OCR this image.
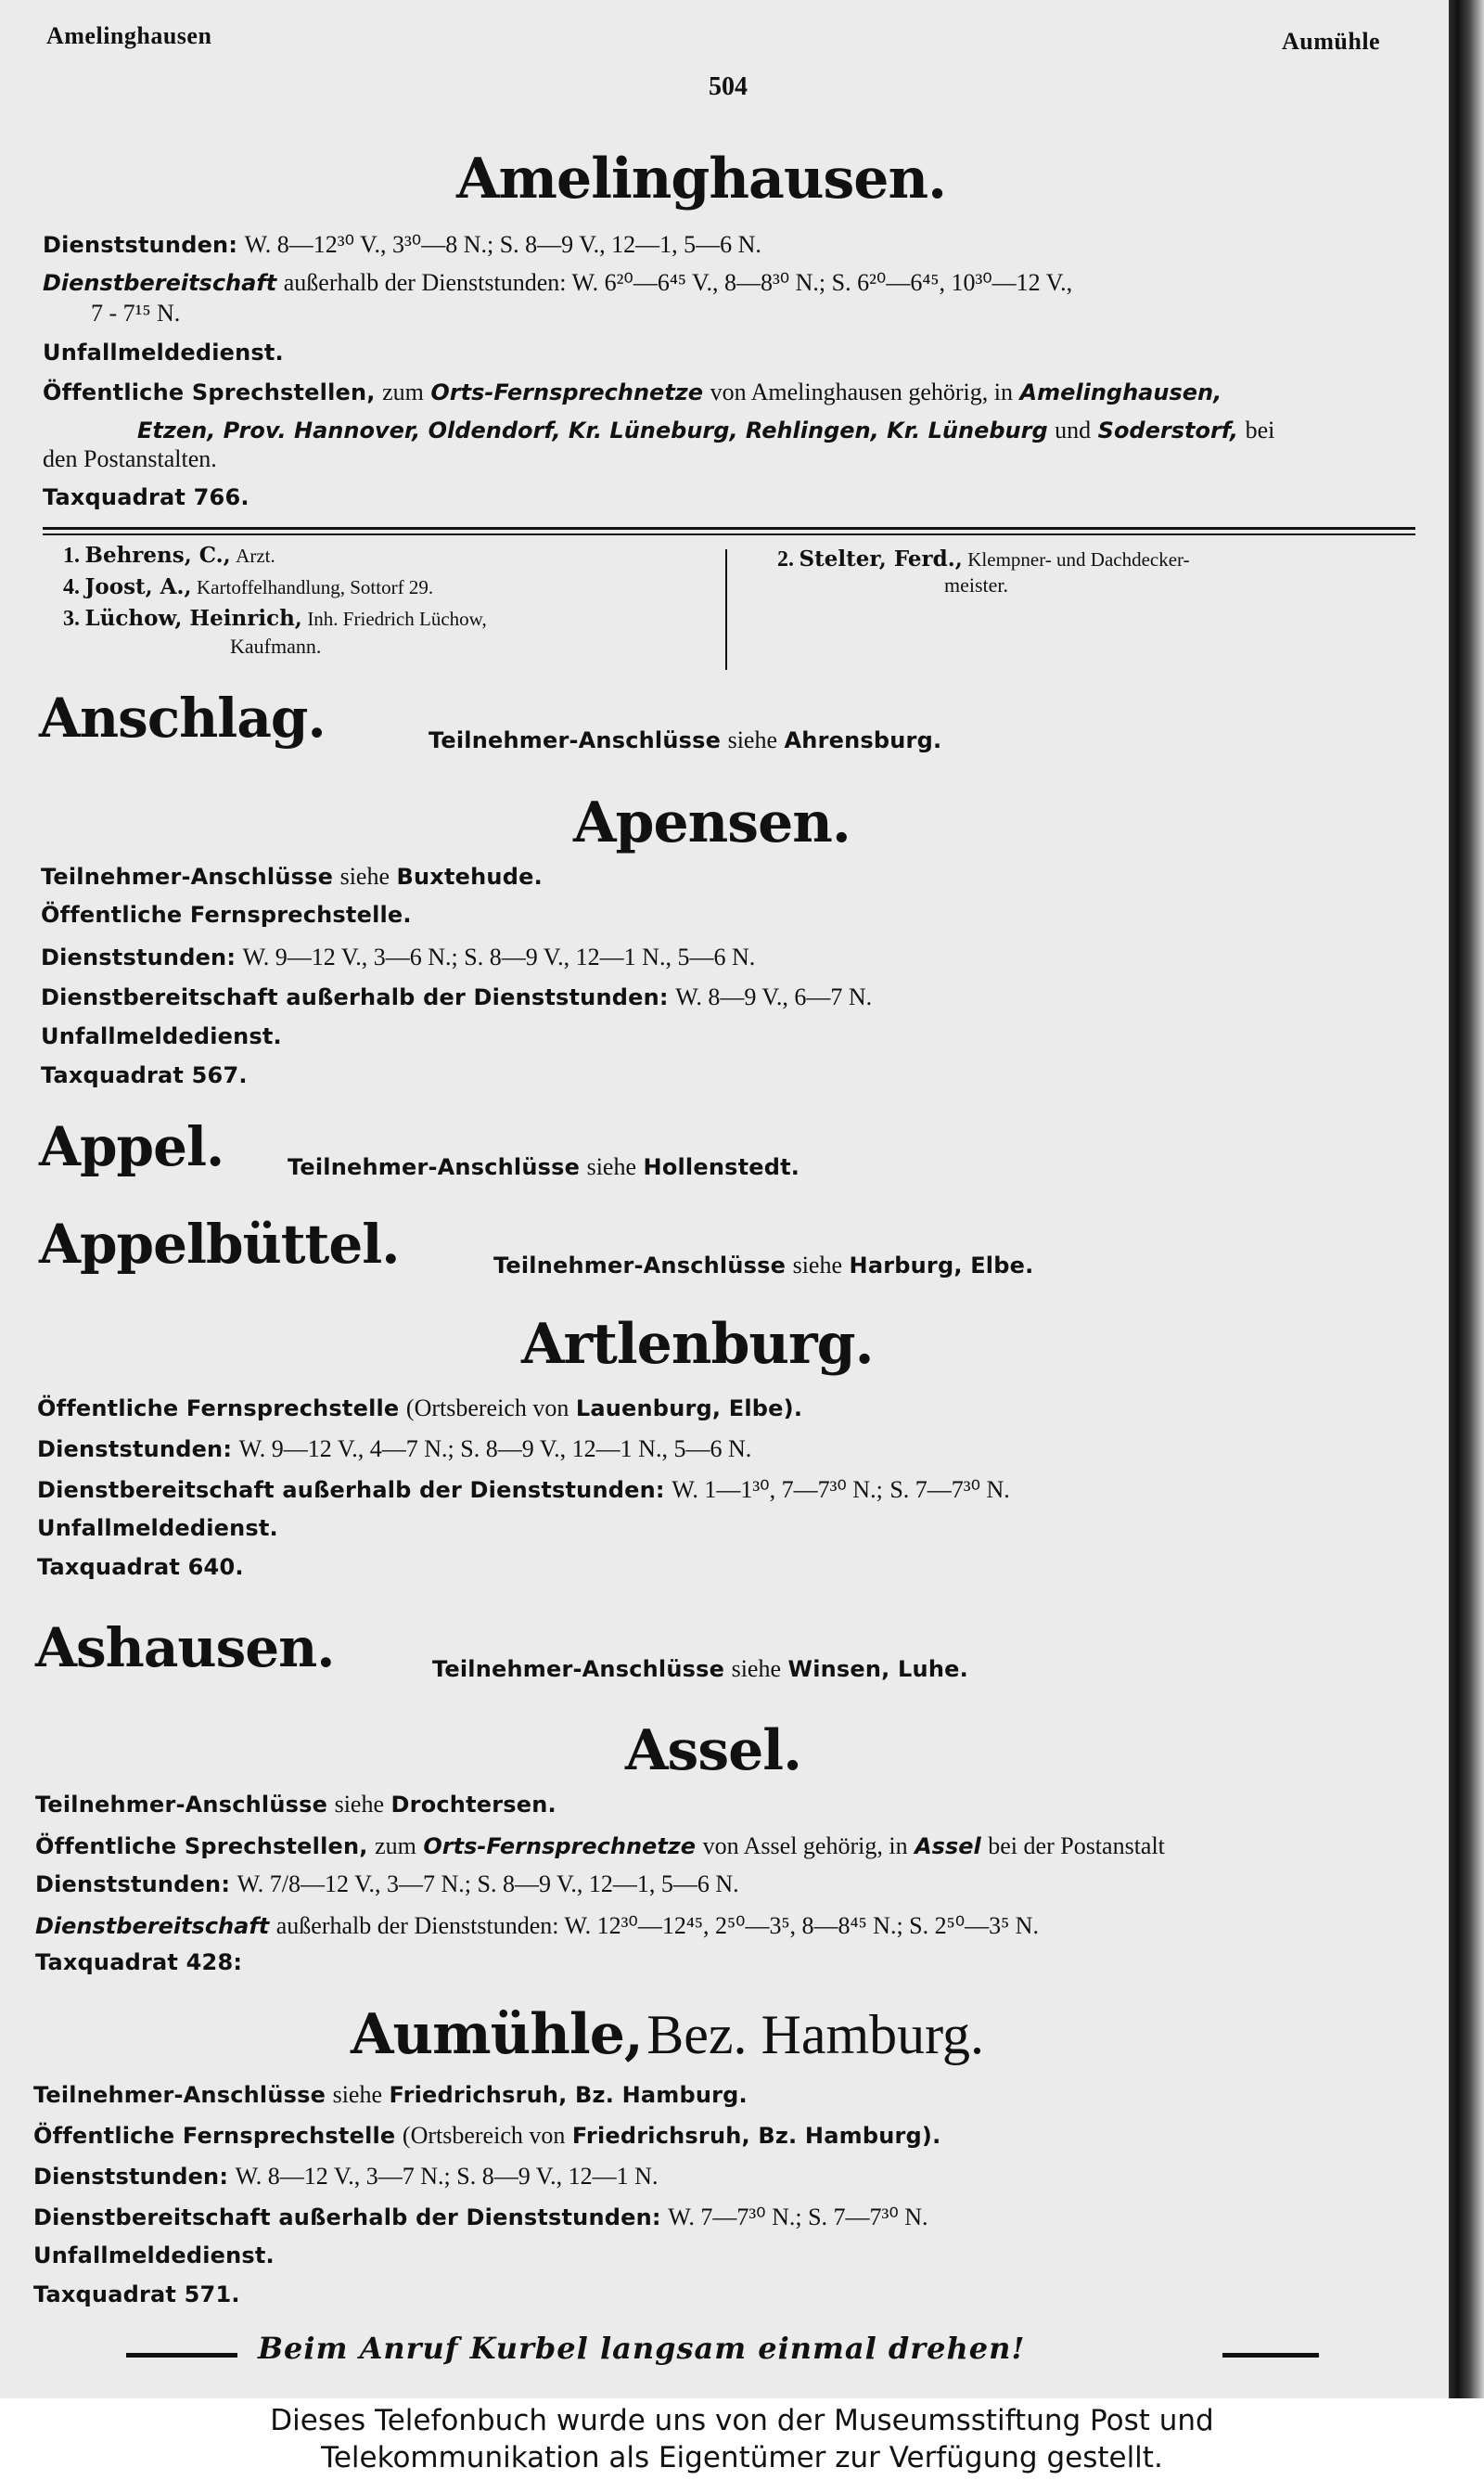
Amelinghausen	Aumühle
504
Amelinghausen.
Dienststunden: W. 8—12³⁰ V., 3³⁰—8 N.; S. 8—9 V., 12—1, 5—6 N.
Dienstbereitschaft außerhalb der Dienststunden: W. 6²⁰—6⁴⁵ V., 8—8³⁰ N.; S. 6²⁰—6⁴⁵, 10³⁰—12 V.,
7 - 7¹⁵ N.
Unfallmeldedienst.
Öffentliche Sprechstellen, zum Orts-Fernsprechnetze von Amelinghausen gehörig, in Amelinghausen,
Etzen, Prov. Hannover, Oldendorf, Kr. Lüneburg, Rehlingen, Kr. Lüneburg und Soderstorf, bei
den Postanstalten.
Taxquadrat 766.
1. Behrens, C., Arzt.
4. Joost, A., Kartoffelhandlung, Sottorf 29.
3. Lüchow, Heinrich, Inh. Friedrich Lüchow,
Kaufmann.
2. Stelter, Ferd., Klempner- und Dachdecker-
meister.
Anschlag.	Teilnehmer-Anschlüsse siehe Ahrensburg.
Apensen.
Teilnehmer-Anschlüsse siehe Buxtehude.
Öffentliche Fernsprechstelle.
Dienststunden: W. 9—12 V., 3—6 N.; S. 8—9 V., 12—1 N., 5—6 N.
Dienstbereitschaft außerhalb der Dienststunden: W. 8—9 V., 6—7 N.
Unfallmeldedienst.
Taxquadrat 567.
Appel.	Teilnehmer-Anschlüsse siehe Hollenstedt.
Appelbüttel.	Teilnehmer-Anschlüsse siehe Harburg, Elbe.
Artlenburg.
Öffentliche Fernsprechstelle (Ortsbereich von Lauenburg, Elbe).
Dienststunden: W. 9—12 V., 4—7 N.; S. 8—9 V., 12—1 N., 5—6 N.
Dienstbereitschaft außerhalb der Dienststunden: W. 1—1³⁰, 7—7³⁰ N.; S. 7—7³⁰ N.
Unfallmeldedienst.
Taxquadrat 640.
Ashausen.	Teilnehmer-Anschlüsse siehe Winsen, Luhe.
Assel.
Teilnehmer-Anschlüsse siehe Drochtersen.
Öffentliche Sprechstellen, zum Orts-Fernsprechnetze von Assel gehörig, in Assel bei der Postanstalt
Dienststunden: W. 7/8—12 V., 3—7 N.; S. 8—9 V., 12—1, 5—6 N.
Dienstbereitschaft außerhalb der Dienststunden: W. 12³⁰—12⁴⁵, 2⁵⁰—3⁵, 8—8⁴⁵ N.; S. 2⁵⁰—3⁵ N.
Taxquadrat 428:
Aumühle, Bez. Hamburg.
Teilnehmer-Anschlüsse siehe Friedrichsruh, Bz. Hamburg.
Öffentliche Fernsprechstelle (Ortsbereich von Friedrichsruh, Bz. Hamburg).
Dienststunden: W. 8—12 V., 3—7 N.; S. 8—9 V., 12—1 N.
Dienstbereitschaft außerhalb der Dienststunden: W. 7—7³⁰ N.; S. 7—7³⁰ N.
Unfallmeldedienst.
Taxquadrat 571.
Beim Anruf Kurbel langsam einmal drehen!
Dieses Telefonbuch wurde uns von der Museumsstiftung Post und
Telekommunikation als Eigentümer zur Verfügung gestellt.
